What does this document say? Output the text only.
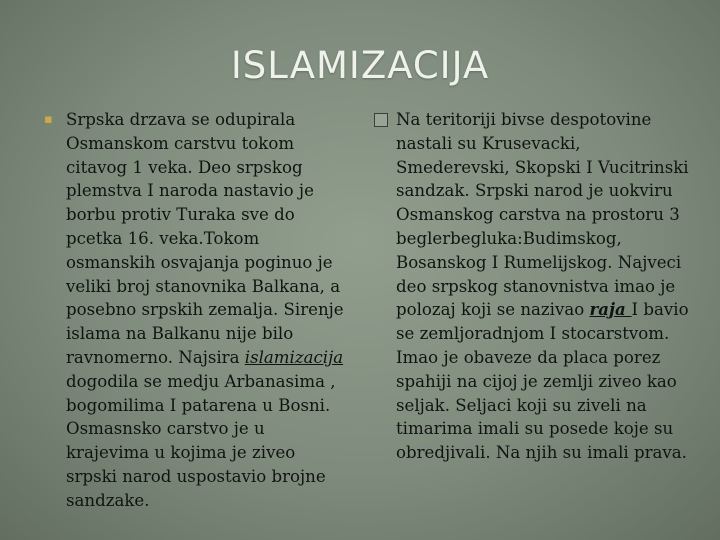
ISLAMIZACIJA
▪ Srpska drzava se odupirala Osmanskom carstvu tokom citavog 1 veka. Deo srpskog plemstva I naroda nastavio je borbu protiv Turaka sve do pcetka 16. veka.Tokom osmanskih osvajanja poginuo je veliki broj stanovnika Balkana, a posebno srpskih zemalja. Sirenje islama na Balkanu nije bilo ravnomerno. Najsira islamizacija dogodila se medju Arbanasima , bogomilima I patarena u Bosni. Osmasnsko carstvo je u krajevima u kojima je ziveo srpski narod uspostavio brojne sandzake.

Na teritoriji bivse despotovine nastali su Krusevacki, Smederevski, Skopski I Vucitrinski sandzak. Srpski narod je uokviru Osmanskog carstva na prostoru 3 beglerbegluka:Budimskog, Bosanskog I Rumelijskog. Najveci deo srpskog stanovnistva imao je polozaj koji se nazivao raja I bavio se zemljoradnjom I stocarstvom. Imao je obaveze da placa porez spahiji na cijoj je zemlji ziveo kao seljak. Seljaci koji su ziveli na timarima imali su posede koje su obredjivali. Na njih su imali prava.
